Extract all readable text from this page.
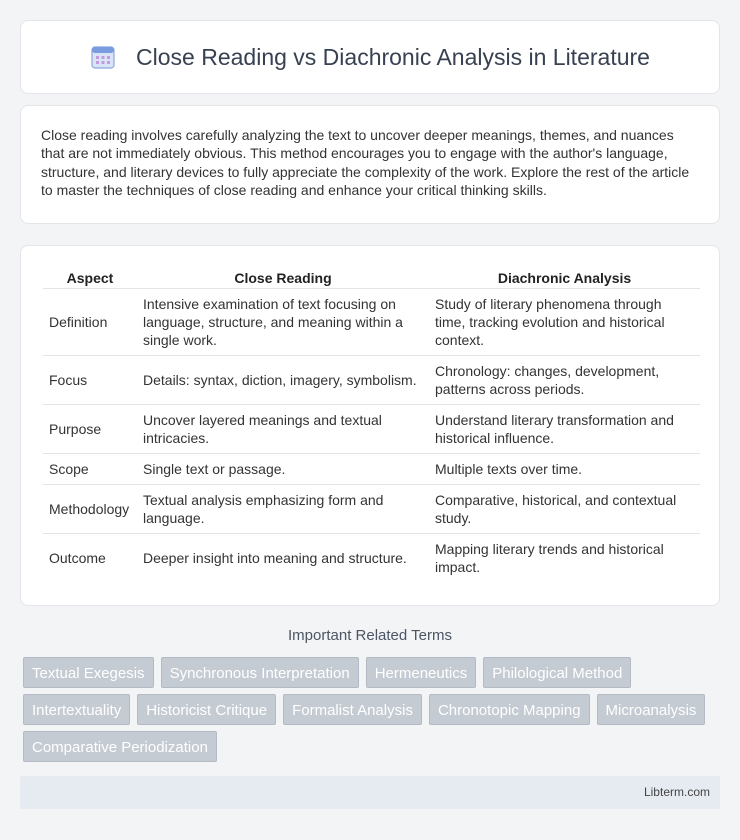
Close Reading vs Diachronic Analysis in Literature

Close reading involves carefully analyzing the text to uncover deeper meanings, themes, and nuances that are not immediately obvious. This method encourages you to engage with the author's language, structure, and literary devices to fully appreciate the complexity of the work. Explore the rest of the article to master the techniques of close reading and enhance your critical thinking skills.

Aspect	Close Reading	Diachronic Analysis
Definition	Intensive examination of text focusing on language, structure, and meaning within a single work.	Study of literary phenomena through time, tracking evolution and historical context.
Focus	Details: syntax, diction, imagery, symbolism.	Chronology: changes, development, patterns across periods.
Purpose	Uncover layered meanings and textual intricacies.	Understand literary transformation and historical influence.
Scope	Single text or passage.	Multiple texts over time.
Methodology	Textual analysis emphasizing form and language.	Comparative, historical, and contextual study.
Outcome	Deeper insight into meaning and structure.	Mapping literary trends and historical impact.
Important Related Terms
Textual Exegesis	Synchronous Interpretation	Hermeneutics	Philological Method
Intertextuality	Historicist Critique	Formalist Analysis	Chronotopic Mapping	Microanalysis
Comparative Periodization
Libterm.com
